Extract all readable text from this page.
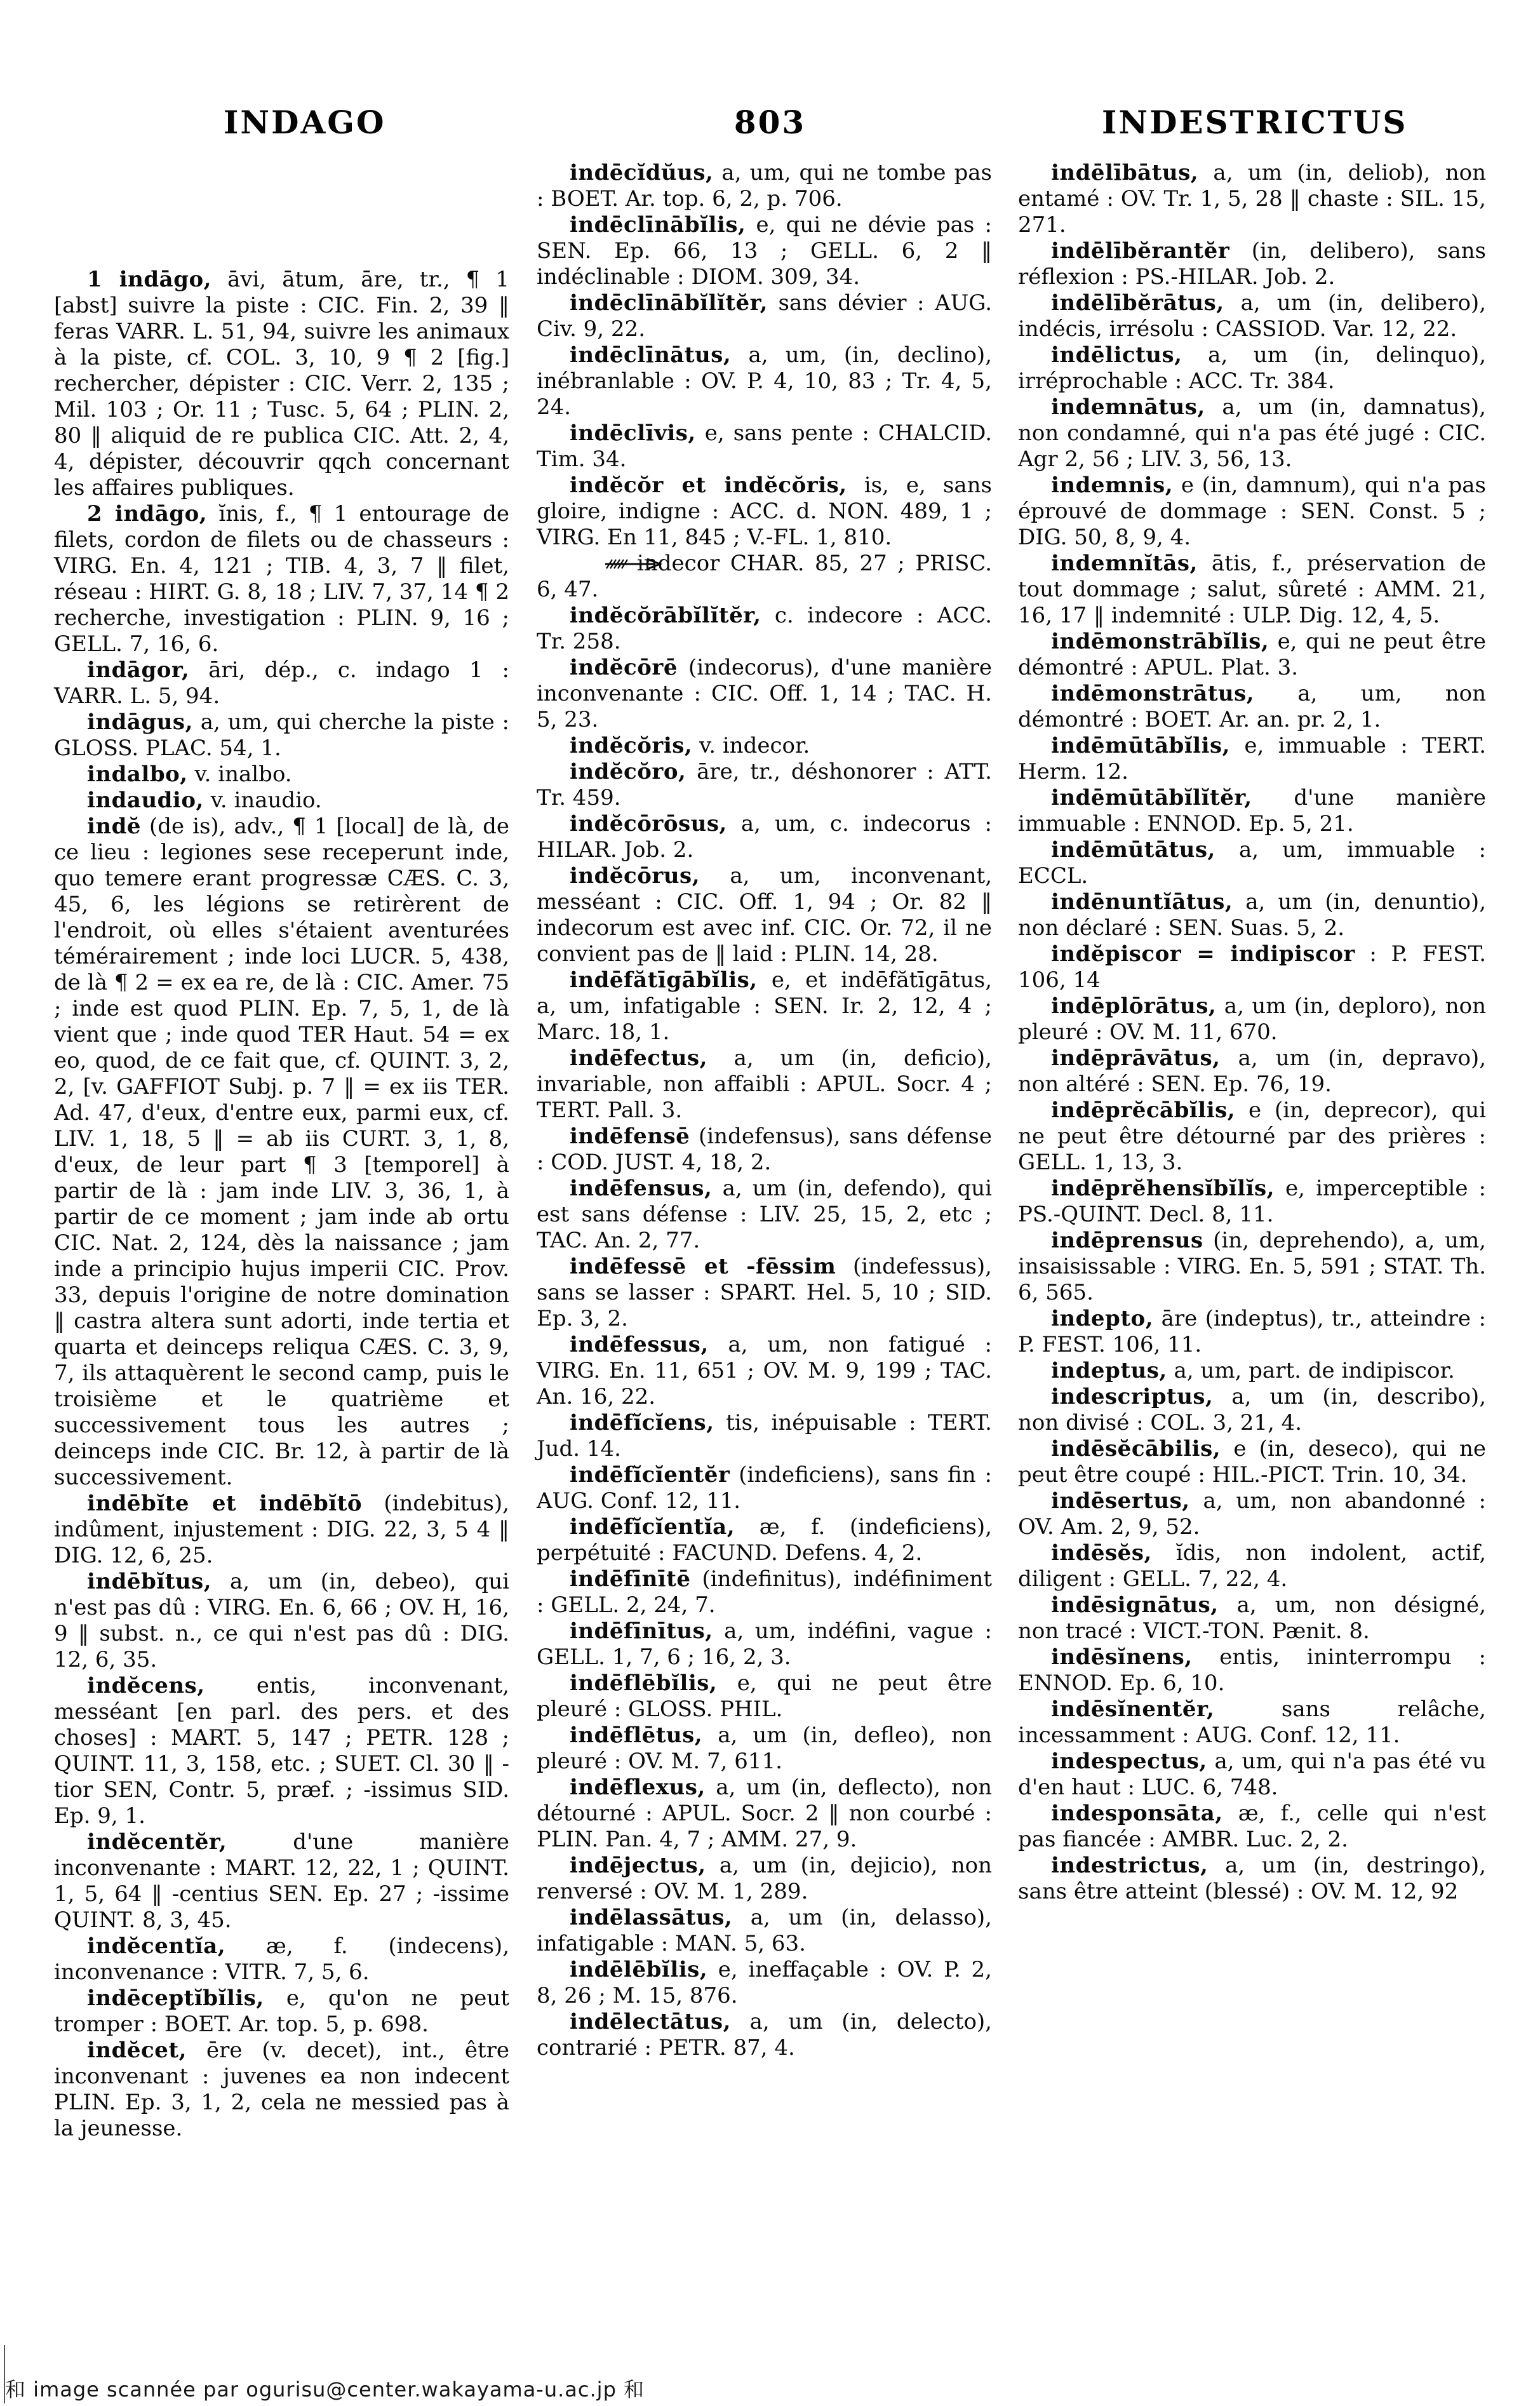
INDAGO	803	INDESTRICTUS

1 indāgo, āvi, ātum, āre, tr., ¶ 1 [abst] suivre la piste : CIC. Fin. 2, 39 ‖ feras VARR. L. 51, 94, suivre les animaux à la piste, cf. COL. 3, 10, 9 ¶ 2 [fig.] rechercher, dépister : CIC. Verr. 2, 135 ; Mil. 103 ; Or. 11 ; Tusc. 5, 64 ; PLIN. 2, 80 ‖ aliquid de re publica CIC. Att. 2, 4, 4, dépister, découvrir qqch concernant les affaires publiques.

2 indāgo, ĭnis, f., ¶ 1 entourage de filets, cordon de filets ou de chasseurs : VIRG. En. 4, 121 ; TIB. 4, 3, 7 ‖ filet, réseau : HIRT. G. 8, 18 ; LIV. 7, 37, 14 ¶ 2 recherche, investigation : PLIN. 9, 16 ; GELL. 7, 16, 6.

indāgor, āri, dép., c. indago 1 : VARR. L. 5, 94.

indāgus, a, um, qui cherche la piste : GLOSS. PLAC. 54, 1.

indalbo, v. inalbo.

indaudio, v. inaudio.

indĕ (de is), adv., ¶ 1 [local] de là, de ce lieu : legiones sese receperunt inde, quo temere erant progressæ CÆS. C. 3, 45, 6, les légions se retirèrent de l'endroit, où elles s'étaient aventurées témérairement ; inde loci LUCR. 5, 438, de là ¶ 2 = ex ea re, de là : CIC. Amer. 75 ; inde est quod PLIN. Ep. 7, 5, 1, de là vient que ; inde quod TER Haut. 54 = ex eo, quod, de ce fait que, cf. QUINT. 3, 2, 2, [v. GAFFIOT Subj. p. 7 ‖ = ex iis TER. Ad. 47, d'eux, d'entre eux, parmi eux, cf. LIV. 1, 18, 5 ‖ = ab iis CURT. 3, 1, 8, d'eux, de leur part ¶ 3 [temporel] à partir de là : jam inde LIV. 3, 36, 1, à partir de ce moment ; jam inde ab ortu CIC. Nat. 2, 124, dès la naissance ; jam inde a principio hujus imperii CIC. Prov. 33, depuis l'origine de notre domination ‖ castra altera sunt adorti, inde tertia et quarta et deinceps reliqua CÆS. C. 3, 9, 7, ils attaquèrent le second camp, puis le troisième et le quatrième et successivement tous les autres ; deinceps inde CIC. Br. 12, à partir de là successivement.

indēbĭte et indēbĭtō (indebitus), indûment, injustement : DIG. 22, 3, 5 4 ‖ DIG. 12, 6, 25.

indēbĭtus, a, um (in, debeo), qui n'est pas dû : VIRG. En. 6, 66 ; OV. H, 16, 9 ‖ subst. n., ce qui n'est pas dû : DIG. 12, 6, 35.

indĕcens, entis, inconvenant, messéant [en parl. des pers. et des choses] : MART. 5, 147 ; PETR. 128 ; QUINT. 11, 3, 158, etc. ; SUET. Cl. 30 ‖ -tior SEN, Contr. 5, præf. ; -issimus SID. Ep. 9, 1.

indĕcentĕr,	d'une manière inconvenante : MART. 12, 22, 1 ; QUINT. 1, 5, 64 ‖ -centius SEN. Ep. 27 ; -issime QUINT. 8, 3, 45.

indĕcentĭa, æ, f. (indecens), inconvenance : VITR. 7, 5, 6.

indēceptĭbĭlis, e, qu'on ne peut tromper : BOET. Ar. top. 5, p. 698.

indĕcet, ēre (v. decet), int., être inconvenant : juvenes ea non indecent PLIN. Ep. 3, 1, 2, cela ne messied pas à la jeunesse.

indēcĭdŭus, a, um, qui ne tombe pas : BOET. Ar. top. 6, 2, p. 706.

indēclīnābĭlis, e, qui ne dévie pas : SEN. Ep. 66, 13 ; GELL. 6, 2 ‖ indéclinable : DIOM. 309, 34.

indēclīnābĭlĭtĕr, sans dévier : AUG. Civ. 9, 22.

indēclīnātus, a, um, (in, declino), inébranlable : OV. P. 4, 10, 83 ; Tr. 4, 5, 24.

indēclīvis, e, sans pente : CHALCID. Tim. 34.

indĕcŏr et indĕcŏris, is, e, sans gloire, indigne : ACC. d. NON. 489, 1 ; VIRG. En 11, 845 ; V.-FL. 1, 810.

indecor CHAR. 85, 27 ; PRISC. 6, 47.

indĕcŏrābĭlĭtĕr, c. indecore : ACC. Tr. 258.

indĕcōrē (indecorus), d'une manière inconvenante : CIC. Off. 1, 14 ; TAC. H. 5, 23.

indĕcŏris, v. indecor.

indĕcŏro, āre, tr., déshonorer : ATT. Tr. 459.

indĕcōrōsus, a, um, c. indecorus : HILAR. Job. 2.

indĕcōrus, a, um, inconvenant, messéant : CIC. Off. 1, 94 ; Or. 82 ‖ indecorum est avec inf. CIC. Or. 72, il ne convient pas de ‖ laid : PLIN. 14, 28.

indēfătīgābĭlis, e, et indēfătīgātus, a, um, infatigable : SEN. Ir. 2, 12, 4 ; Marc. 18, 1.

indēfectus, a, um (in, deficio), invariable, non affaibli : APUL. Socr. 4 ; TERT. Pall. 3.

indēfensē (indefensus), sans défense : COD. JUST. 4, 18, 2.

indēfensus, a, um (in, defendo), qui est sans défense : LIV. 25, 15, 2, etc ; TAC. An. 2, 77.

indēfessē et -fēssim (indefessus), sans se lasser : SPART. Hel. 5, 10 ; SID. Ep. 3, 2.

indēfessus, a, um, non fatigué : VIRG. En. 11, 651 ; OV. M. 9, 199 ; TAC. An. 16, 22.

indēfĭcĭens, tis, inépuisable : TERT. Jud. 14.

indēfĭcĭentĕr (indeficiens), sans fin : AUG. Conf. 12, 11.

indēfĭcĭentĭa, æ, f. (indeficiens), perpétuité : FACUND. Defens. 4, 2.

indēfīnītē (indefinitus), indéfiniment : GELL. 2, 24, 7.

indēfīnītus, a, um, indéfini, vague : GELL. 1, 7, 6 ; 16, 2, 3.

indēflēbĭlis, e, qui ne peut être pleuré : GLOSS. PHIL.

indēflētus, a, um (in, defleo), non pleuré : OV. M. 7, 611.

indēflexus, a, um (in, deflecto), non détourné : APUL. Socr. 2 ‖ non courbé : PLIN. Pan. 4, 7 ; AMM. 27, 9.

indējectus, a, um (in, dejicio), non renversé : OV. M. 1, 289.

indēlassātus, a, um (in, delasso), infatigable : MAN. 5, 63.

indēlēbĭlis, e, ineffaçable : OV. P. 2, 8, 26 ; M. 15, 876.

indēlectātus, a, um (in, delecto), contrarié : PETR. 87, 4.

indēlībātus, a, um (in, deliob), non entamé : OV. Tr. 1, 5, 28 ‖ chaste : SIL. 15, 271.

indēlībĕrantĕr (in, delibero), sans réflexion : PS.-HILAR. Job. 2.

indēlībĕrātus, a, um (in, delibero), indécis, irrésolu : CASSIOD. Var. 12, 22.

indēlictus, a, um (in, delinquo), irréprochable : ACC. Tr. 384.

indemnātus, a, um (in, damnatus), non condamné, qui n'a pas été jugé : CIC. Agr 2, 56 ; LIV. 3, 56, 13.

indemnis, e (in, damnum), qui n'a pas éprouvé de dommage : SEN. Const. 5 ; DIG. 50, 8, 9, 4.

indemnĭtās, ātis, f., préservation de tout dommage ; salut, sûreté : AMM. 21, 16, 17 ‖ indemnité : ULP. Dig. 12, 4, 5.

indēmonstrābĭlis, e, qui ne peut être démontré : APUL. Plat. 3.

indēmonstrātus, a, um, non démontré : BOET. Ar. an. pr. 2, 1.

indēmūtābĭlis, e, immuable : TERT. Herm. 12.

indēmūtābĭlĭtĕr, d'une manière immuable : ENNOD. Ep. 5, 21.

indēmūtātus, a, um, immuable : ECCL.

indēnuntĭātus, a, um (in, denuntio), non déclaré : SEN. Suas. 5, 2.

indĕpiscor = indipiscor : P. FEST. 106, 14

indēplōrātus, a, um (in, deploro), non pleuré : OV. M. 11, 670.

indēprāvātus, a, um (in, depravo), non altéré : SEN. Ep. 76, 19.

indēprĕcābĭlis, e (in, deprecor), qui ne peut être détourné par des prières : GELL. 1, 13, 3.

indēprĕhensĭbĭlĭs, e, imperceptible : PS.-QUINT. Decl. 8, 11.

indēprensus (in, deprehendo), a, um, insaisissable : VIRG. En. 5, 591 ; STAT. Th. 6, 565.

indepto, āre (indeptus), tr., atteindre : P. FEST. 106, 11.

indeptus, a, um, part. de indipiscor.

indescriptus, a, um (in, describo), non divisé : COL. 3, 21, 4.

indēsĕcābilis, e (in, deseco), qui ne peut être coupé : HIL.-PICT. Trin. 10, 34.

indēsertus, a, um, non abandonné : OV. Am. 2, 9, 52.

indēsĕs, ĭdis, non indolent, actif, diligent : GELL. 7, 22, 4.

indēsignātus, a, um, non désigné, non tracé : VICT.-TON. Pænit. 8.

indēsĭnens, entis, ininterrompu : ENNOD. Ep. 6, 10.

indēsĭnentĕr,	sans relâche, incessamment : AUG. Conf. 12, 11.

indespectus, a, um, qui n'a pas été vu d'en haut : LUC. 6, 748.

indesponsāta, æ, f., celle qui n'est pas fiancée : AMBR. Luc. 2, 2.

indestrictus, a, um (in, destringo), sans être atteint (blessé) : OV. M. 12, 92

和 image scannée par ogurisu@center.wakayama-u.ac.jp 和
